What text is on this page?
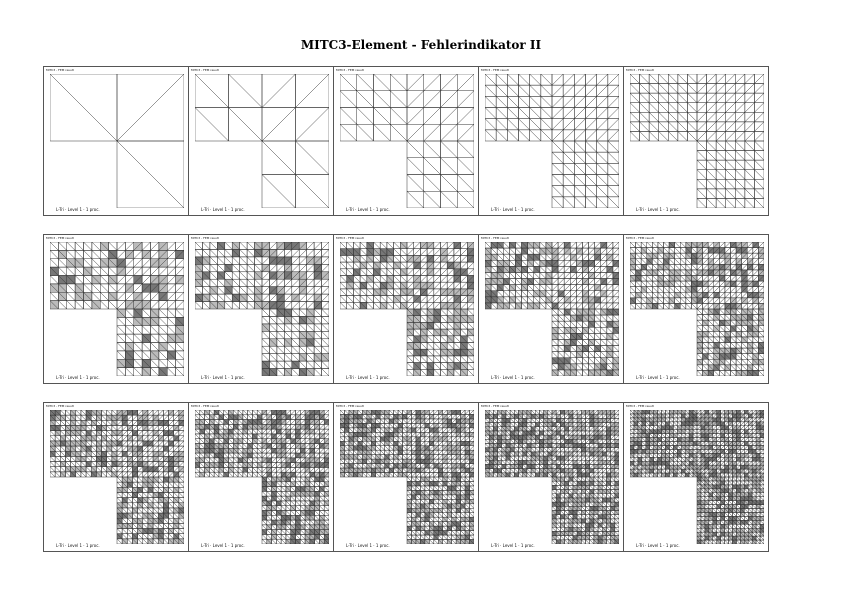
MITC3-Element - Fehlerindikator II
MITC3 - FEM result
L-Tri · Level 1 · 1 proc.
MITC3 - FEM result
L-Tri · Level 1 · 1 proc.
MITC3 - FEM result
L-Tri · Level 1 · 1 proc.
MITC3 - FEM result
L-Tri · Level 1 · 1 proc.
MITC3 - FEM result
L-Tri · Level 1 · 1 proc.
MITC3 - FEM result
L-Tri · Level 1 · 1 proc.
MITC3 - FEM result
L-Tri · Level 1 · 1 proc.
MITC3 - FEM result
L-Tri · Level 1 · 1 proc.
MITC3 - FEM result
L-Tri · Level 1 · 1 proc.
MITC3 - FEM result
L-Tri · Level 1 · 1 proc.
MITC3 - FEM result
L-Tri · Level 1 · 1 proc.
MITC3 - FEM result
L-Tri · Level 1 · 1 proc.
MITC3 - FEM result
L-Tri · Level 1 · 1 proc.
MITC3 - FEM result
L-Tri · Level 1 · 1 proc.
MITC3 - FEM result
L-Tri · Level 1 · 1 proc.
